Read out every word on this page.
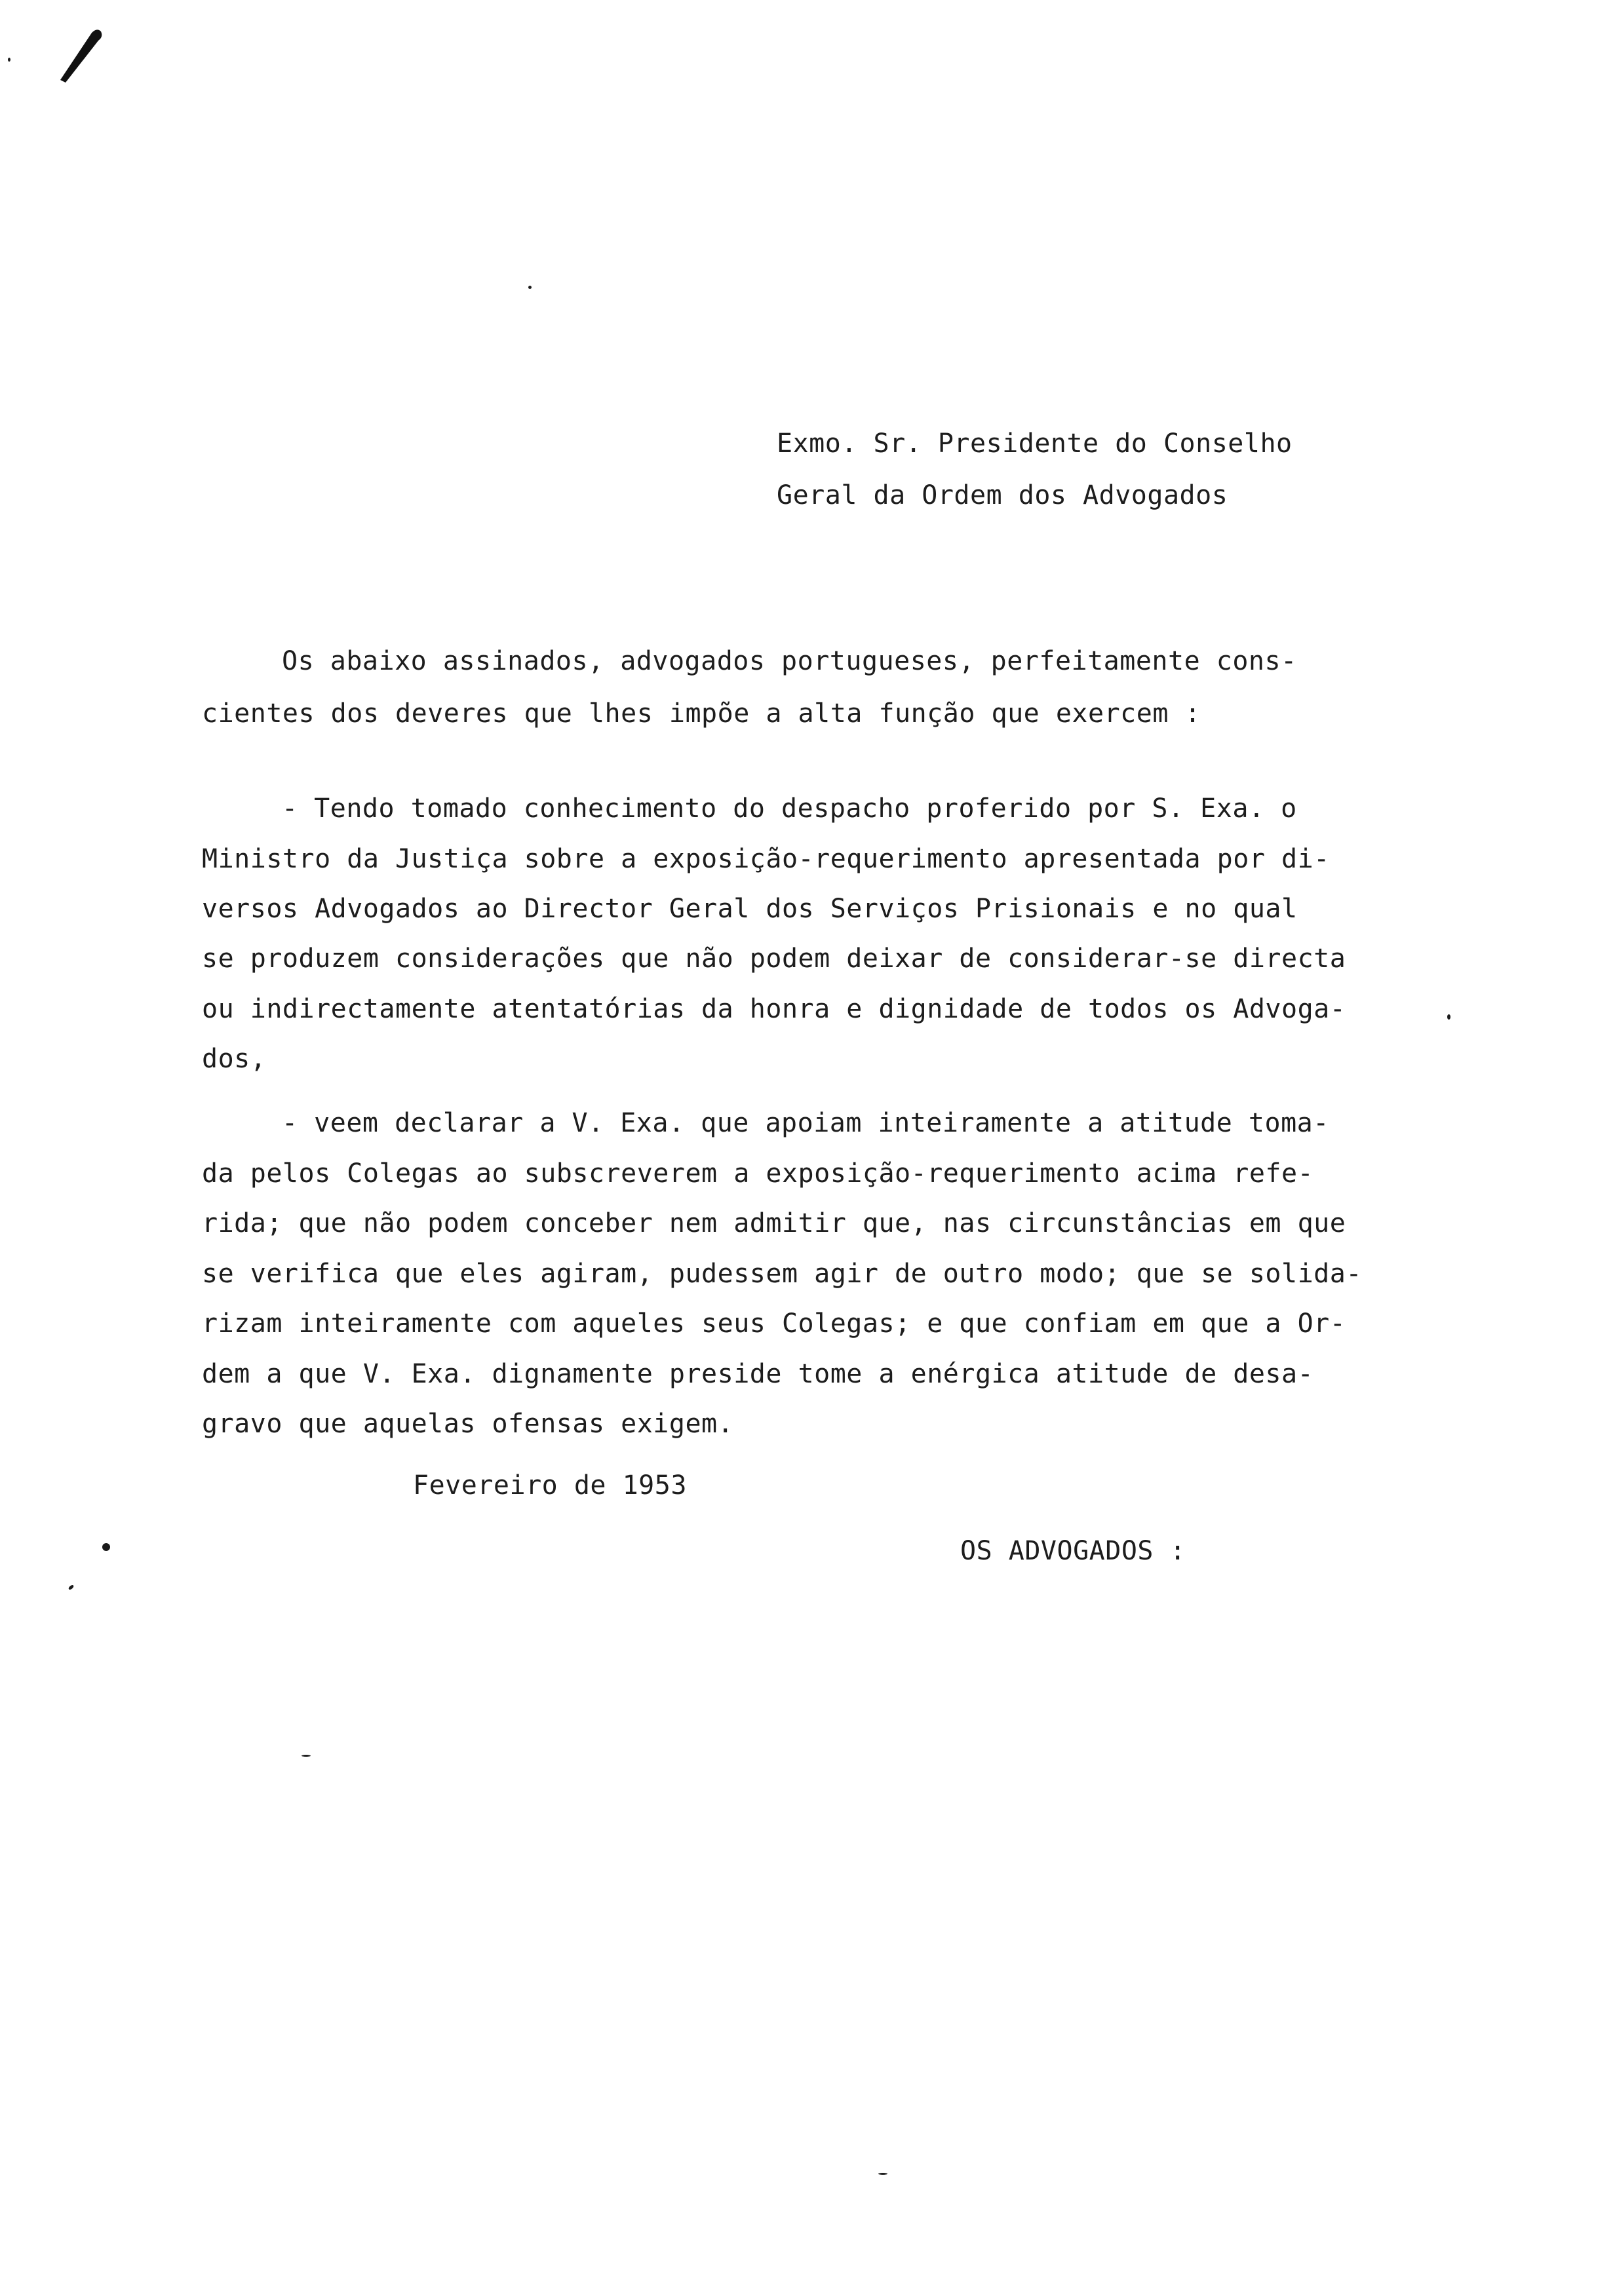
Exmo. Sr. Presidente do Conselho
Geral da Ordem dos Advogados
Os abaixo assinados, advogados portugueses, perfeitamente cons-
cientes dos deveres que lhes impõe a alta função que exercem :
- Tendo tomado conhecimento do despacho proferido por S. Exa. o
Ministro da Justiça sobre a exposição-requerimento apresentada por di-
versos Advogados ao Director Geral dos Serviços Prisionais e no qual
se produzem considerações que não podem deixar de considerar-se directa
ou indirectamente atentatórias da honra e dignidade de todos os Advoga-
dos,
- veem declarar a V. Exa. que apoiam inteiramente a atitude toma-
da pelos Colegas ao subscreverem a exposição-requerimento acima refe-
rida; que não podem conceber nem admitir que, nas circunstâncias em que
se verifica que eles agiram, pudessem agir de outro modo; que se solida-
rizam inteiramente com aqueles seus Colegas; e que confiam em que a Or-
dem a que V. Exa. dignamente preside tome a enérgica atitude de desa-
gravo que aquelas ofensas exigem.
Fevereiro de 1953
OS ADVOGADOS :
